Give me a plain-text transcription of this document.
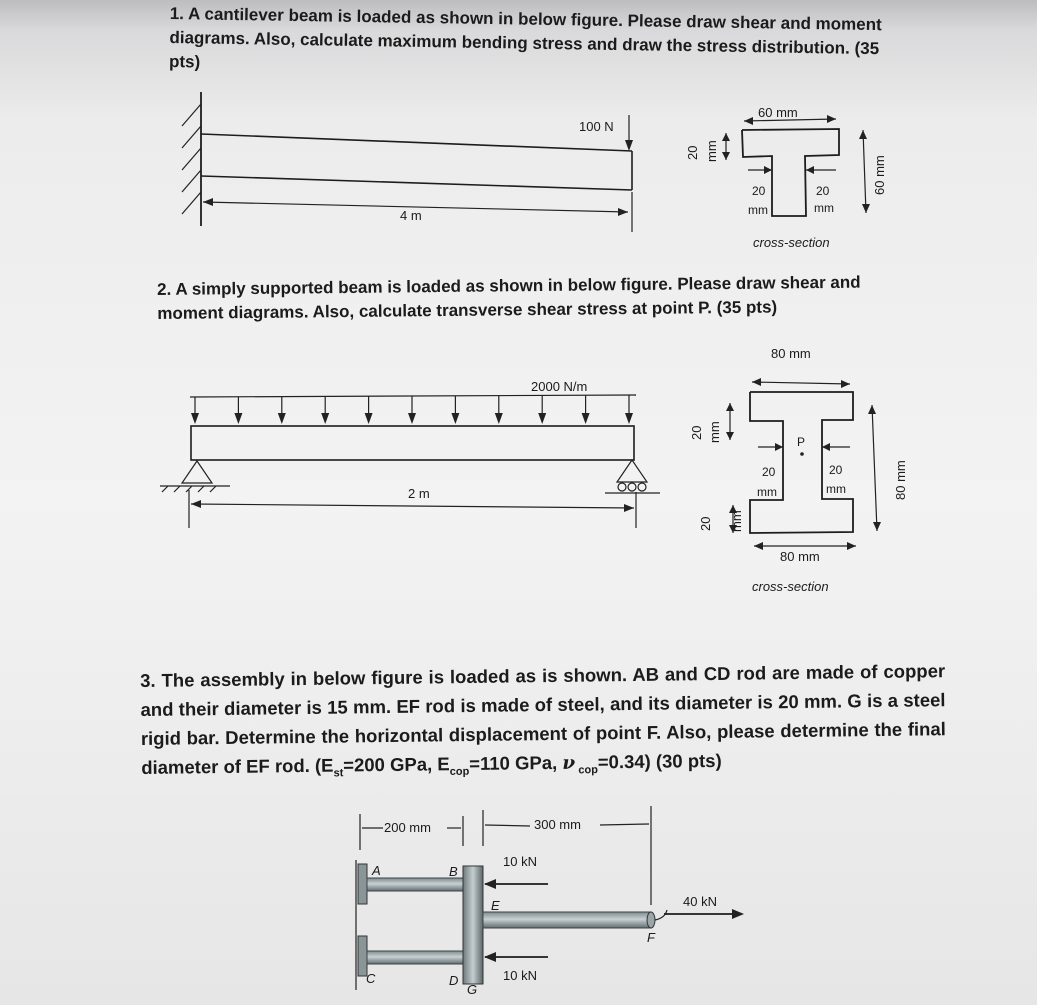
1. A cantilever beam is loaded as shown in below figure. Please draw shear and moment diagrams. Also, calculate maximum bending stress and draw the stress distribution. (35 pts)

100 N
4 m
60 mm
60 mm
20 mm
20
mm
20
mm
cross-section

2. A simply supported beam is loaded as shown in below figure. Please draw shear and moment diagrams. Also, calculate transverse shear stress at point P. (35 pts)

2000 N/m
2 m
80 mm
80 mm
80 mm
20 mm
20 mm
20
mm
20
mm
P
cross-section

3. The assembly in below figure is loaded as is shown. AB and CD rod are made of copper and their diameter is 15 mm. EF rod is made of steel, and its diameter is 20 mm. G is a steel rigid bar. Determine the horizontal displacement of point F. Also, please determine the final diameter of EF rod. ($E_{st}=200$ GPa, $E_{cop}=110$ GPa, ν $_{cop}$=0.34) (30 pts)

200 mm	300 mm
10 kN
10 kN
40 kN
A	B
C	D
E
F
G
